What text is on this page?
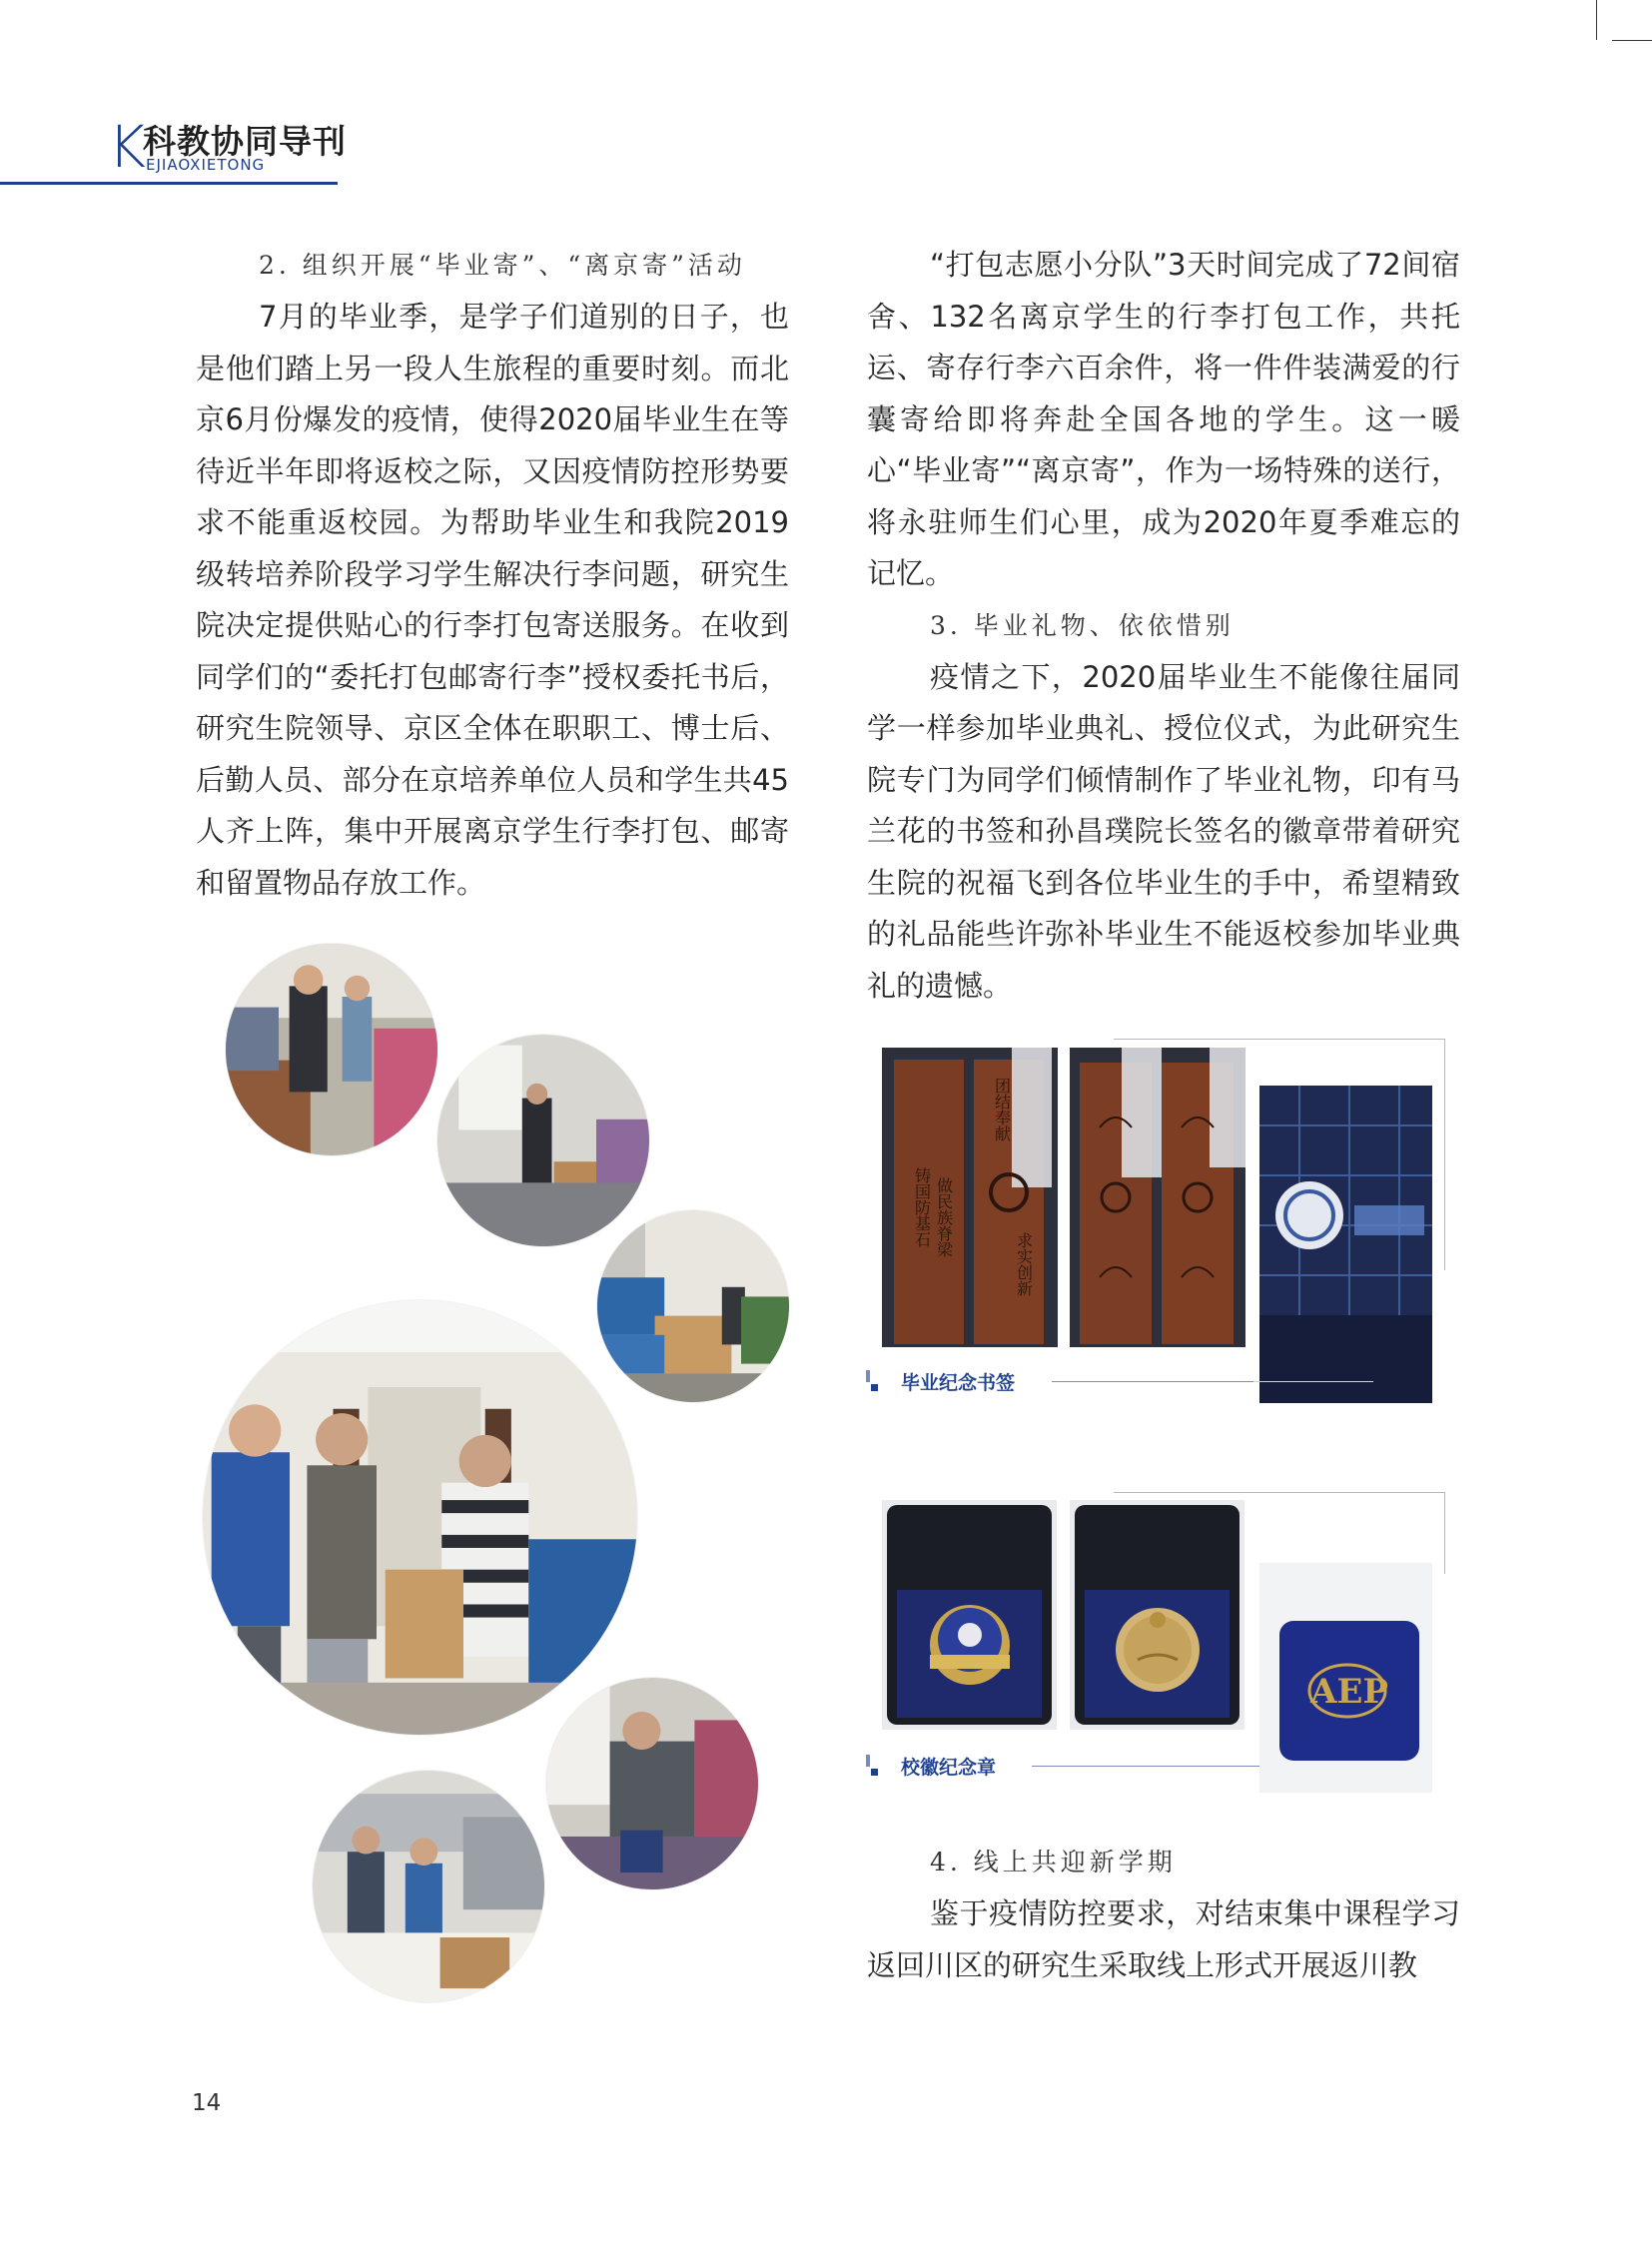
K
科教协同导刊
EJIAOXIETONG

2. 组织开展“毕业寄”、“离京寄”活动

7月的毕业季，是学子们道别的日子，也是他们踏上另一段人生旅程的重要时刻。而北京6月份爆发的疫情，使得2020届毕业生在等待近半年即将返校之际，又因疫情防控形势要求不能重返校园。为帮助毕业生和我院2019级转培养阶段学习学生解决行李问题，研究生院决定提供贴心的行李打包寄送服务。在收到同学们的“委托打包邮寄行李”授权委托书后，研究生院领导、京区全体在职职工、博士后、后勤人员、部分在京培养单位人员和学生共45人齐上阵，集中开展离京学生行李打包、邮寄和留置物品存放工作。

“打包志愿小分队”3天时间完成了72间宿舍、132名离京学生的行李打包工作，共托运、寄存行李六百余件，将一件件装满爱的行囊寄给即将奔赴全国各地的学生。这一暖心“毕业寄”“离京寄”，作为一场特殊的送行，将永驻师生们心里，成为2020年夏季难忘的记忆。

3. 毕业礼物、依依惜别

疫情之下，2020届毕业生不能像往届同学一样参加毕业典礼、授位仪式，为此研究生院专门为同学们倾情制作了毕业礼物，印有马兰花的书签和孙昌璞院长签名的徽章带着研究生院的祝福飞到各位毕业生的手中，希望精致的礼品能些许弥补毕业生不能返校参加毕业典礼的遗憾。

铸国防基石 做民族脊梁
团结奉献
求实创新
毕业纪念书签
AEP
校徽纪念章

4. 线上共迎新学期

鉴于疫情防控要求，对结束集中课程学习返回川区的研究生采取线上形式开展返川教

14
